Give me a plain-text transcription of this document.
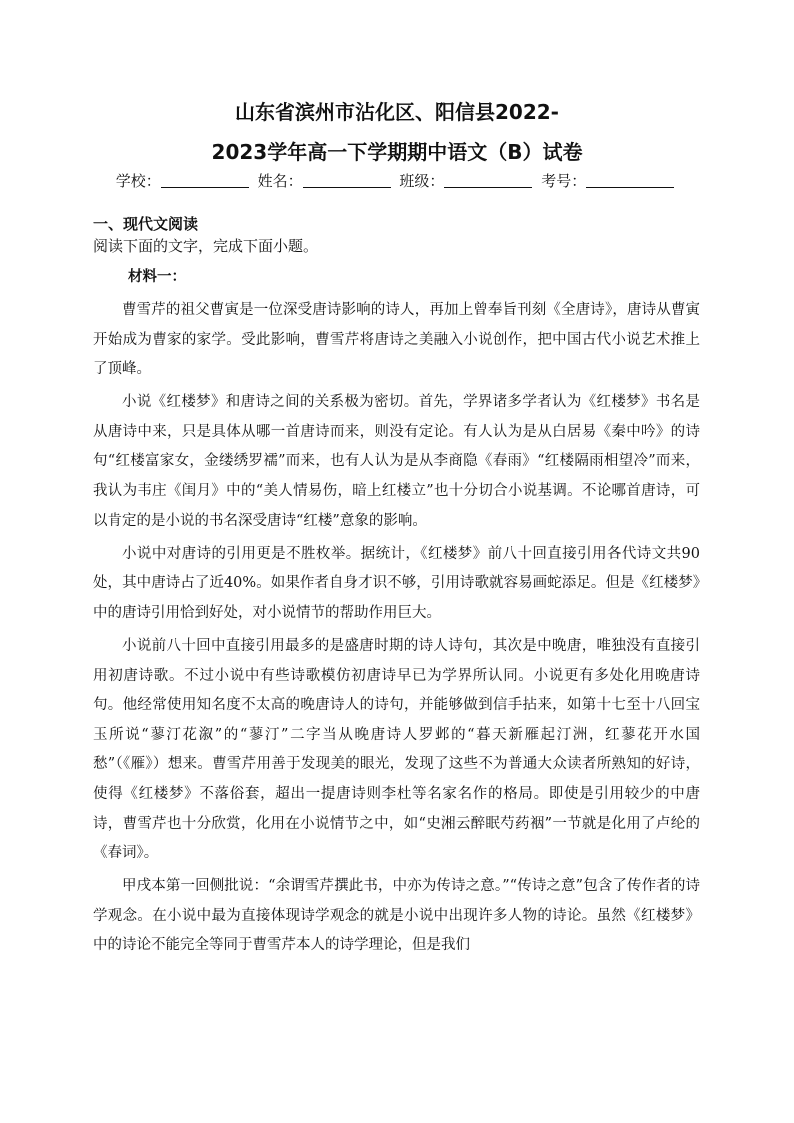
山东省滨州市沾化区、阳信县2022-
2023学年高一下学期期中语文（B）试卷
学校：	姓名：	班级：	考号：
一、现代文阅读
阅读下面的文字，完成下面小题。
材料一：

曹雪芹的祖父曹寅是一位深受唐诗影响的诗人，再加上曾奉旨刊刻《全唐诗》，唐诗从曹寅开始成为曹家的家学。受此影响，曹雪芹将唐诗之美融入小说创作，把中国古代小说艺术推上了顶峰。

小说《红楼梦》和唐诗之间的关系极为密切。首先，学界诸多学者认为《红楼梦》书名是从唐诗中来，只是具体从哪一首唐诗而来，则没有定论。有人认为是从白居易《秦中吟》的诗句“红楼富家女，金缕绣罗襦”而来，也有人认为是从李商隐《春雨》“红楼隔雨相望冷”而来，我认为韦庄《闺月》中的“美人情易伤，暗上红楼立”也十分切合小说基调。不论哪首唐诗，可以肯定的是小说的书名深受唐诗“红楼”意象的影响。

小说中对唐诗的引用更是不胜枚举。据统计，《红楼梦》前八十回直接引用各代诗文共90处，其中唐诗占了近40%。如果作者自身才识不够，引用诗歌就容易画蛇添足。但是《红楼梦》中的唐诗引用恰到好处，对小说情节的帮助作用巨大。

小说前八十回中直接引用最多的是盛唐时期的诗人诗句，其次是中晚唐，唯独没有直接引用初唐诗歌。不过小说中有些诗歌模仿初唐诗早已为学界所认同。小说更有多处化用晚唐诗句。他经常使用知名度不太高的晚唐诗人的诗句，并能够做到信手拈来，如第十七至十八回宝玉所说“蓼汀花溆”的“蓼汀”二字当从晚唐诗人罗邺的“暮天新雁起汀洲，红蓼花开水国愁”（《雁》）想来。曹雪芹用善于发现美的眼光，发现了这些不为普通大众读者所熟知的好诗，使得《红楼梦》不落俗套，超出一提唐诗则李杜等名家名作的格局。即使是引用较少的中唐诗，曹雪芹也十分欣赏，化用在小说情节之中，如“史湘云醉眠芍药裀”一节就是化用了卢纶的《春词》。

甲戌本第一回侧批说：“余谓雪芹撰此书，中亦为传诗之意。”“传诗之意”包含了传作者的诗学观念。在小说中最为直接体现诗学观念的就是小说中出现许多人物的诗论。虽然《红楼梦》中的诗论不能完全等同于曹雪芹本人的诗学理论，但是我们
